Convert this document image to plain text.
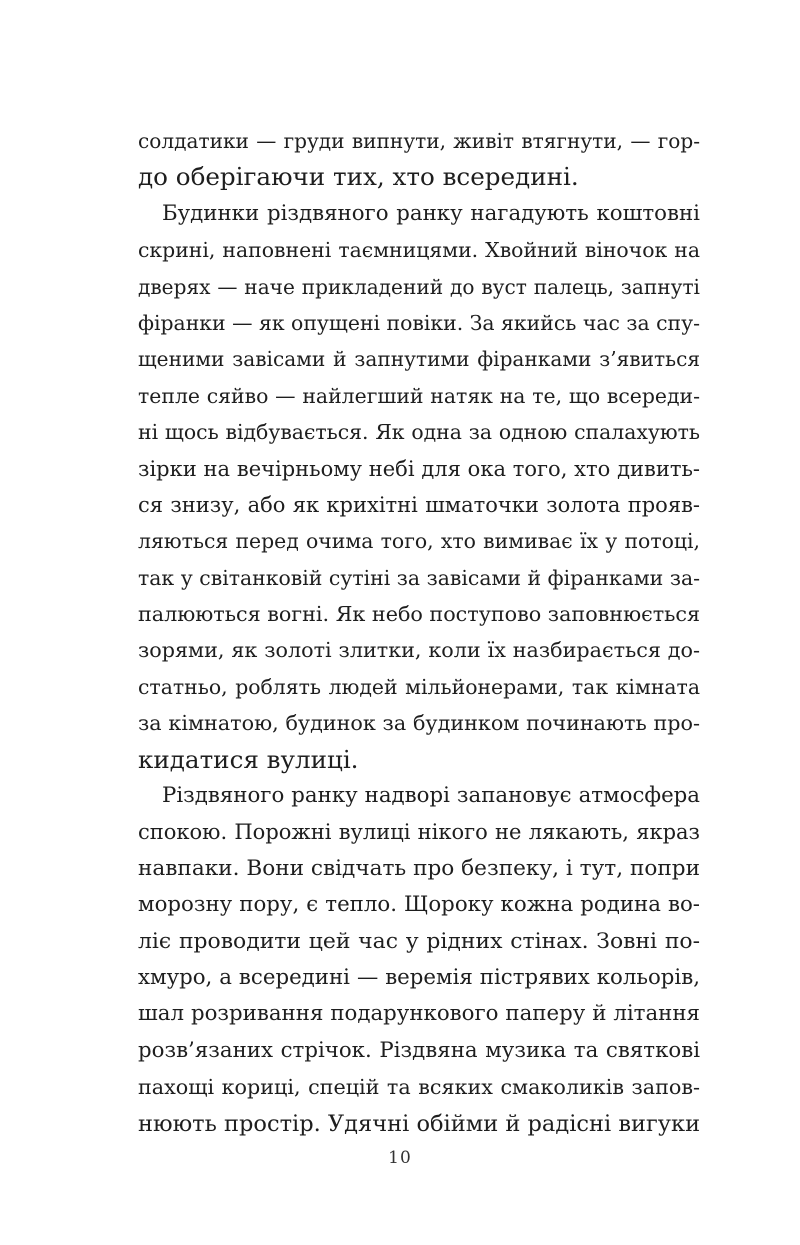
солдатики — груди випнути, живіт втягнути, — гор-
до оберігаючи тих, хто всередині.
Будинки різдвяного ранку нагадують коштовні
скрині, наповнені таємницями. Хвойний віночок на
дверях — наче прикладений до вуст палець, запнуті
фіранки — як опущені повіки. За якийсь час за спу-
щеними завісами й запнутими фіранками з’явиться
тепле сяйво — найлегший натяк на те, що всереди-
ні щось відбувається. Як одна за одною спалахують
зірки на вечірньому небі для ока того, хто дивить-
ся знизу, або як крихітні шматочки золота прояв-
ляються перед очима того, хто вимиває їх у потоці,
так у світанковій сутіні за завісами й фіранками за-
палюються вогні. Як небо поступово заповнюється
зорями, як золоті злитки, коли їх назбирається до-
статньо, роблять людей мільйонерами, так кімната
за кімнатою, будинок за будинком починають про-
кидатися вулиці.
Різдвяного ранку надворі запановує атмосфера
спокою. Порожні вулиці нікого не лякають, якраз
навпаки. Вони свідчать про безпеку, і тут, попри
морозну пору, є тепло. Щороку кожна родина во-
ліє проводити цей час у рідних стінах. Зовні по-
хмуро, а всередині — веремія пістрявих кольорів,
шал розривання подарункового паперу й літання
розв’язаних стрічок. Різдвяна музика та святкові
пахощі кориці, спецій та всяких смаколиків запов-
нюють простір. Удячні обійми й радісні вигуки
10
